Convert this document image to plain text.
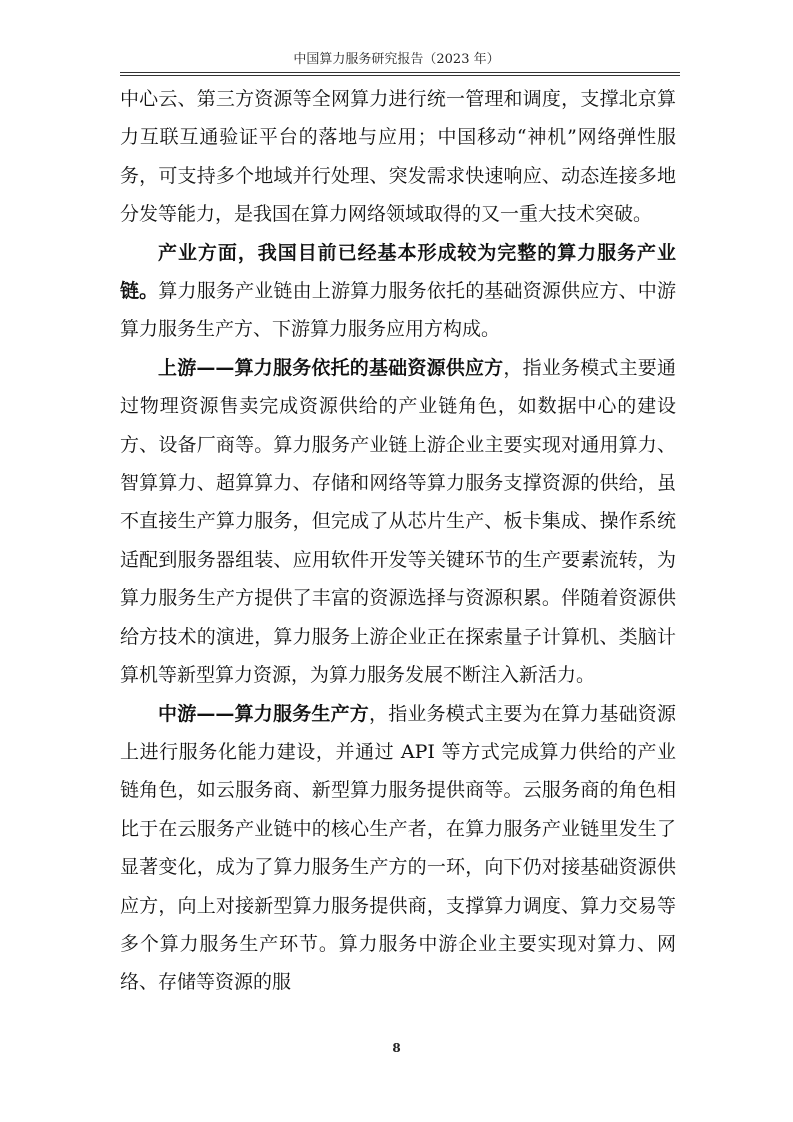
中国算力服务研究报告（2023 年）

中心云、第三方资源等全网算力进行统一管理和调度，支撑北京算力互联互通验证平台的落地与应用；中国移动“神机”网络弹性服务，可支持多个地域并行处理、突发需求快速响应、动态连接多地分发等能力，是我国在算力网络领域取得的又一重大技术突破。

产业方面，我国目前已经基本形成较为完整的算力服务产业链。算力服务产业链由上游算力服务依托的基础资源供应方、中游算力服务生产方、下游算力服务应用方构成。

上游——算力服务依托的基础资源供应方，指业务模式主要通过物理资源售卖完成资源供给的产业链角色，如数据中心的建设方、设备厂商等。算力服务产业链上游企业主要实现对通用算力、智算算力、超算算力、存储和网络等算力服务支撑资源的供给，虽不直接生产算力服务，但完成了从芯片生产、板卡集成、操作系统适配到服务器组装、应用软件开发等关键环节的生产要素流转，为算力服务生产方提供了丰富的资源选择与资源积累。伴随着资源供给方技术的演进，算力服务上游企业正在探索量子计算机、类脑计算机等新型算力资源，为算力服务发展不断注入新活力。

中游——算力服务生产方，指业务模式主要为在算力基础资源上进行服务化能力建设，并通过 API 等方式完成算力供给的产业链角色，如云服务商、新型算力服务提供商等。云服务商的角色相比于在云服务产业链中的核心生产者，在算力服务产业链里发生了显著变化，成为了算力服务生产方的一环，向下仍对接基础资源供应方，向上对接新型算力服务提供商，支撑算力调度、算力交易等多个算力服务生产环节。算力服务中游企业主要实现对算力、网络、存储等资源的服

8
